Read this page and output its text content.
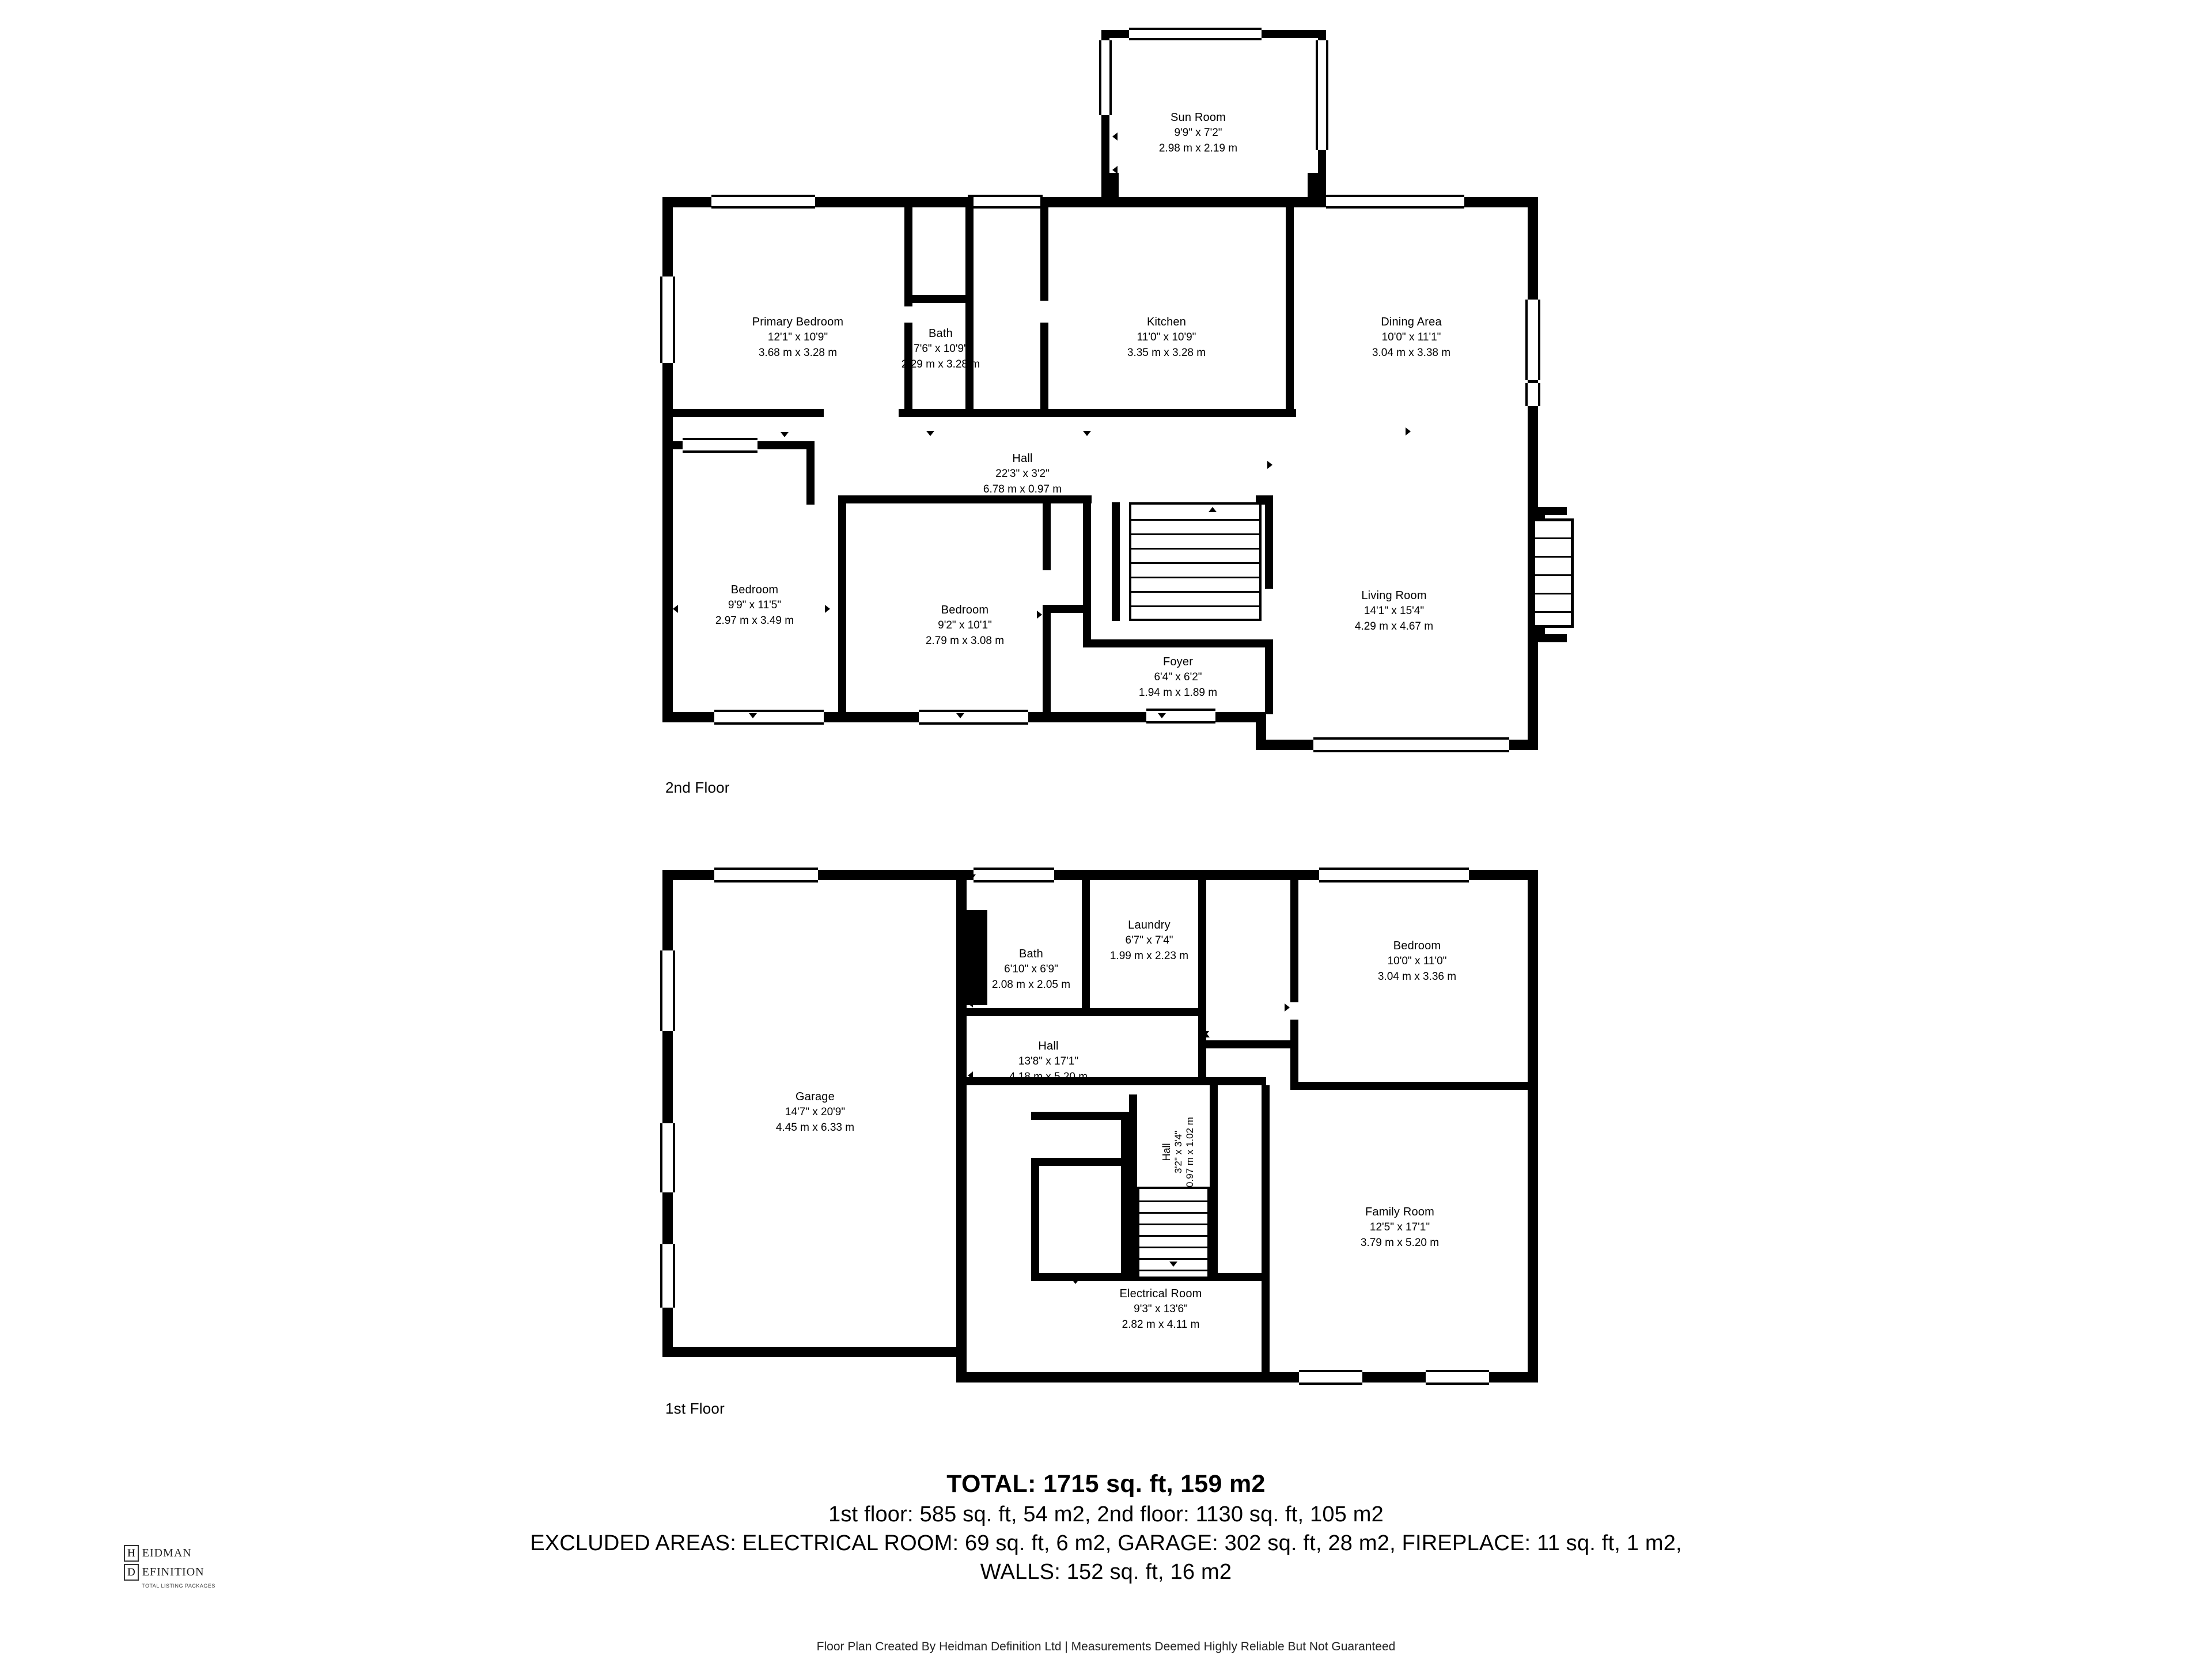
Sun Room
9'9" x 7'2"
2.98 m x 2.19 m
Primary Bedroom
12'1" x 10'9"
3.68 m x 3.28 m
Bath
7'6" x 10'9"
2.29 m x 3.28 m
Kitchen
11'0" x 10'9"
3.35 m x 3.28 m
Dining Area
10'0" x 11'1"
3.04 m x 3.38 m
Hall
22'3" x 3'2"
6.78 m x 0.97 m
Bedroom
9'9" x 11'5"
2.97 m x 3.49 m
Bedroom
9'2" x 10'1"
2.79 m x 3.08 m
Foyer
6'4" x 6'2"
1.94 m x 1.89 m
Living Room
14'1" x 15'4"
4.29 m x 4.67 m
2nd Floor
Bath
6'10" x 6'9"
2.08 m x 2.05 m
Laundry
6'7" x 7'4"
1.99 m x 2.23 m
Bedroom
10'0" x 11'0"
3.04 m x 3.36 m
Hall
13'8" x 17'1"
4.18 m x 5.20 m
Garage
14'7" x 20'9"
4.45 m x 6.33 m
Hall 3'2" x 3'4" 0.97 m x 1.02 m
Family Room
12'5" x 17'1"
3.79 m x 5.20 m
Electrical Room
9'3" x 13'6"
2.82 m x 4.11 m
1st Floor
TOTAL: 1715 sq. ft, 159 m2
1st floor: 585 sq. ft, 54 m2, 2nd floor: 1130 sq. ft, 105 m2
EXCLUDED AREAS: ELECTRICAL ROOM: 69 sq. ft, 6 m2, GARAGE: 302 sq. ft, 28 m2, FIREPLACE: 11 sq. ft, 1 m2,
WALLS: 152 sq. ft, 16 m2
Floor Plan Created By Heidman Definition Ltd | Measurements Deemed Highly Reliable But Not Guaranteed
H EIDMAN
D EFINITION
TOTAL LISTING PACKAGES
